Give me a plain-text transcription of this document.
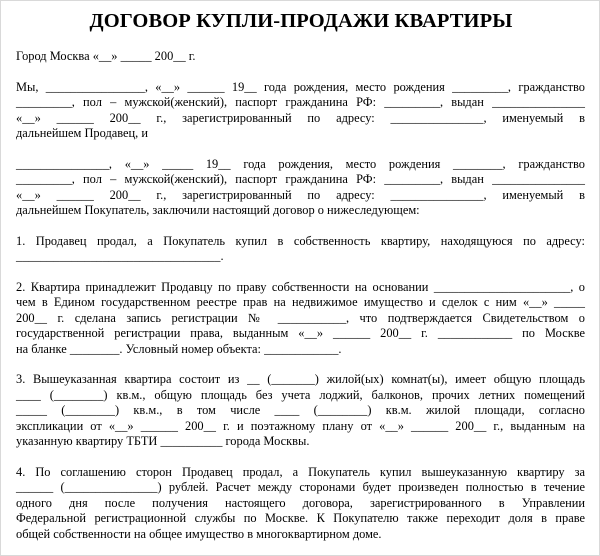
ДОГОВОР КУПЛИ-ПРОДАЖИ КВАРТИРЫ
Город Москва «__» _____ 200__ г.
Мы, ________________, «__» ______ 19__ года рождения, место рождения _________, гражданство
_________, пол – мужской(женский), паспорт гражданина РФ: _________, выдан _______________
«__» ______ 200__ г., зарегистрированный по адресу: _______________, именуемый в
дальнейшем Продавец, и
_______________, «__» _____ 19__ года рождения, место рождения ________, гражданство
_________, пол – мужской(женский), паспорт гражданина РФ: _________, выдан _______________
«__» ______ 200__ г., зарегистрированный по адресу: _______________, именуемый в
дальнейшем Покупатель, заключили настоящий договор о нижеследующем:
1. Продавец продал, а Покупатель купил в собственность квартиру, находящуюся по адресу:
_________________________________.
2. Квартира принадлежит Продавцу по праву собственности на основании ______________________, о
чем в Едином государственном реестре прав на недвижимое имущество и сделок с ним «__» _____
200__ г. сделана запись регистрации № ___________, что подтверждается Свидетельством о
государственной регистрации права, выданным «__» ______ 200__ г. ____________ по Москве
на бланке ________. Условный номер объекта: ____________.
3. Вышеуказанная квартира состоит из __ (_______) жилой(ых) комнат(ы), имеет общую площадь
____ (________) кв.м., общую площадь без учета лоджий, балконов, прочих летних помещений
_____ (________) кв.м., в том числе ____ (________) кв.м. жилой площади, согласно
экспликации от «__» ______ 200__ г. и поэтажному плану от «__» ______ 200__ г., выданным на
указанную квартиру ТБТИ __________ города Москвы.
4. По соглашению сторон Продавец продал, а Покупатель купил вышеуказанную квартиру за
______ (_______________) рублей. Расчет между сторонами будет произведен полностью в течение
одного дня после получения настоящего договора, зарегистрированного в Управлении
Федеральной регистрационной службы по Москве. К Покупателю также переходит доля в праве
общей собственности на общее имущество в многоквартирном доме.
